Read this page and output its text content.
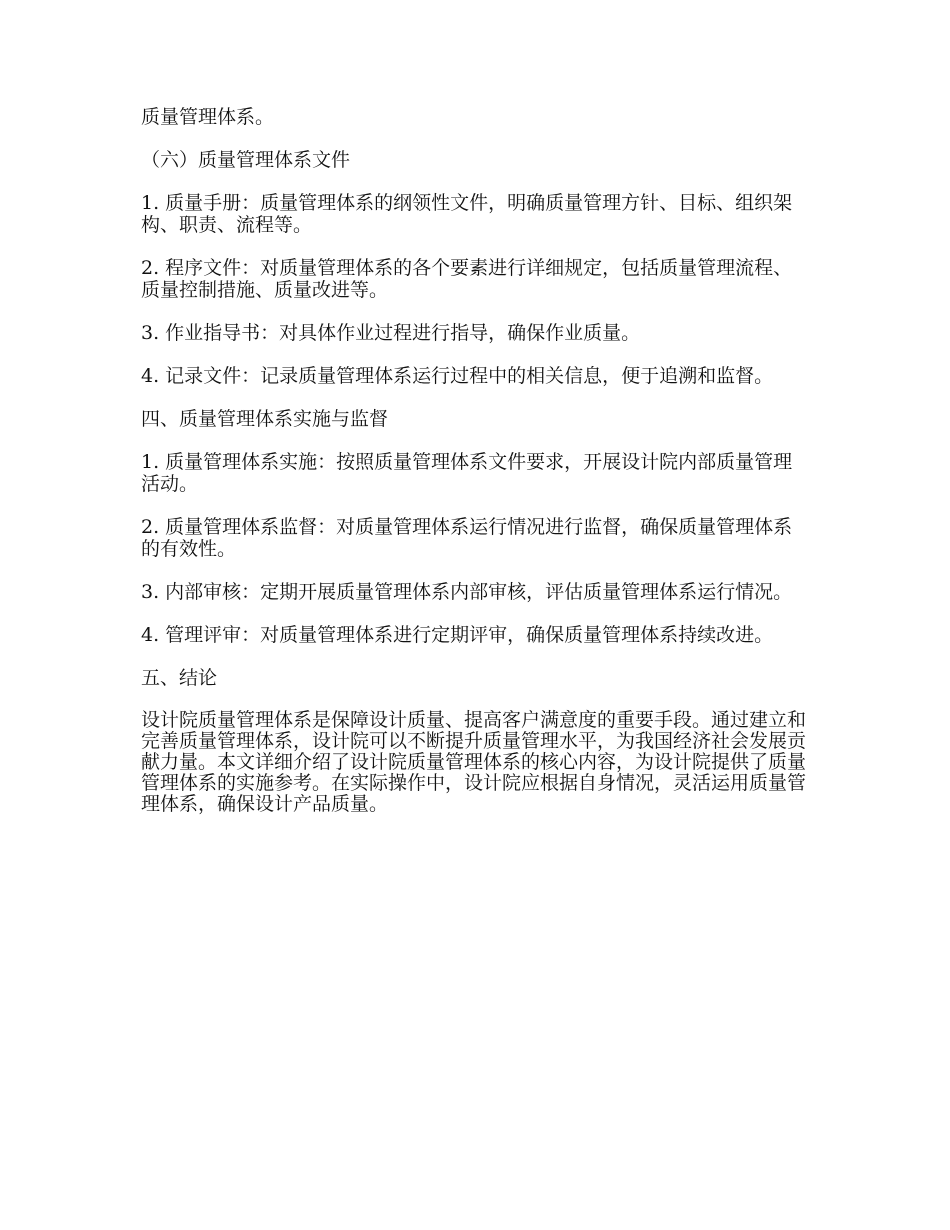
质量管理体系。

（六）质量管理体系文件

1. 质量手册：质量管理体系的纲领性文件，明确质量管理方针、目标、组织架构、职责、流程等。

2. 程序文件：对质量管理体系的各个要素进行详细规定，包括质量管理流程、质量控制措施、质量改进等。

3. 作业指导书：对具体作业过程进行指导，确保作业质量。

4. 记录文件：记录质量管理体系运行过程中的相关信息，便于追溯和监督。

四、质量管理体系实施与监督

1. 质量管理体系实施：按照质量管理体系文件要求，开展设计院内部质量管理活动。

2. 质量管理体系监督：对质量管理体系运行情况进行监督，确保质量管理体系的有效性。

3. 内部审核：定期开展质量管理体系内部审核，评估质量管理体系运行情况。

4. 管理评审：对质量管理体系进行定期评审，确保质量管理体系持续改进。

五、结论

设计院质量管理体系是保障设计质量、提高客户满意度的重要手段。通过建立和完善质量管理体系，设计院可以不断提升质量管理水平，为我国经济社会发展贡献力量。本文详细介绍了设计院质量管理体系的核心内容，为设计院提供了质量管理体系的实施参考。在实际操作中，设计院应根据自身情况，灵活运用质量管理体系，确保设计产品质量。
